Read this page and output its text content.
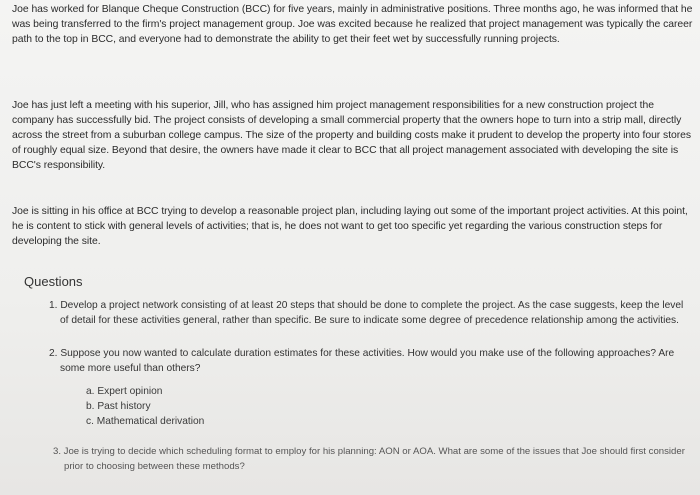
Joe has worked for Blanque Cheque Construction (BCC) for five years, mainly in administrative positions. Three months ago, he was informed that he was being transferred to the firm's project management group. Joe was excited because he realized that project management was typically the career path to the top in BCC, and everyone had to demonstrate the ability to get their feet wet by successfully running projects.
Joe has just left a meeting with his superior, Jill, who has assigned him project management responsibilities for a new construction project the company has successfully bid. The project consists of developing a small commercial property that the owners hope to turn into a strip mall, directly across the street from a suburban college campus. The size of the property and building costs make it prudent to develop the property into four stores of roughly equal size. Beyond that desire, the owners have made it clear to BCC that all project management associated with developing the site is BCC's responsibility.
Joe is sitting in his office at BCC trying to develop a reasonable project plan, including laying out some of the important project activities. At this point, he is content to stick with general levels of activities; that is, he does not want to get too specific yet regarding the various construction steps for developing the site.
Questions
1. Develop a project network consisting of at least 20 steps that should be done to complete the project. As the case suggests, keep the level of detail for these activities general, rather than specific. Be sure to indicate some degree of precedence relationship among the activities.
2. Suppose you now wanted to calculate duration estimates for these activities. How would you make use of the following approaches? Are some more useful than others?
a. Expert opinion
b. Past history
c. Mathematical derivation
3. Joe is trying to decide which scheduling format to employ for his planning: AON or AOA. What are some of the issues that Joe should first consider prior to choosing between these methods?
